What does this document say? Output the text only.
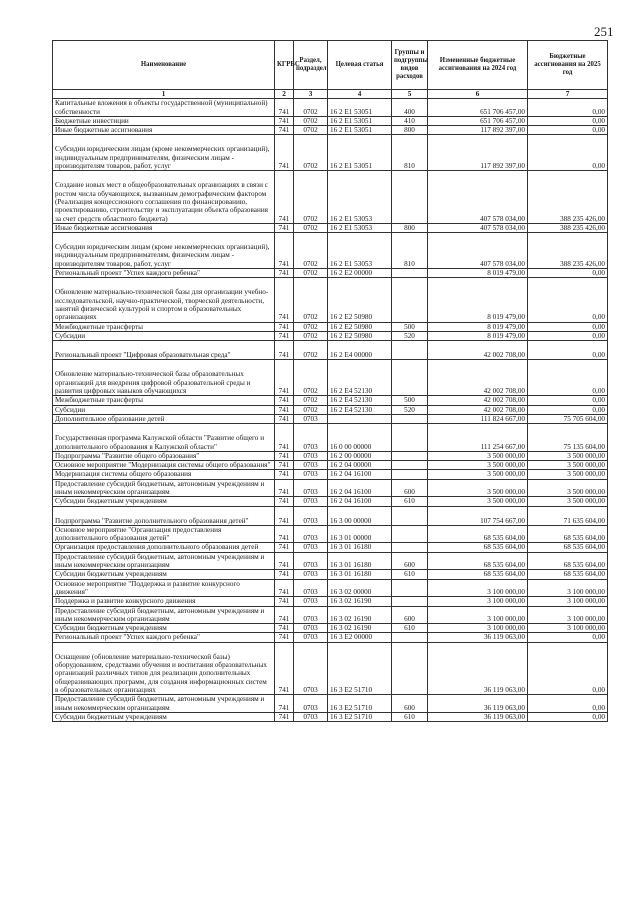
251
Наименование	КГРБС	Раздел, подраздел	Целевая статья	Группы и подгруппы видов расходов	Измененные бюджетные ассигнования на 2024 год	Бюджетные ассигнования на 2025 год
1	2	3	4	5	6	7
Капитальные вложения в объекты государственной (муниципальной) собственности	741	0702	16 2 E1 53051	400	651 706 457,00	0,00
Бюджетные инвестиции	741	0702	16 2 E1 53051	410	651 706 457,00	0,00
Иные бюджетные ассигнования	741	0702	16 2 E1 53051	800	117 892 397,00	0,00
Субсидии юридическим лицам (кроме некоммерческих организаций), индивидуальным предпринимателям, физическим лицам - производителям товаров, работ, услуг	741	0702	16 2 E1 53051	810	117 892 397,00	0,00
Создание новых мест в общеобразовательных организациях в связи с ростом числа обучающихся, вызванным демографическим фактором (Реализация концессионного соглашения по финансированию, проектированию, строительству и эксплуатации объекта образования за счет средств областного бюджета)	741	0702	16 2 E1 53053		407 578 034,00	388 235 426,00
Иные бюджетные ассигнования	741	0702	16 2 E1 53053	800	407 578 034,00	388 235 426,00
Субсидии юридическим лицам (кроме некоммерческих организаций), индивидуальным предпринимателям, физическим лицам - производителям товаров, работ, услуг	741	0702	16 2 E1 53053	810	407 578 034,00	388 235 426,00
Региональный проект "Успех каждого ребенка"	741	0702	16 2 E2 00000		8 019 479,00	0,00
Обновление материально-технической базы для организации учебно-исследовательской, научно-практической, творческой деятельности, занятий физической культурой и спортом в образовательных организациях	741	0702	16 2 E2 50980		8 019 479,00	0,00
Межбюджетные трансферты	741	0702	16 2 E2 50980	500	8 019 479,00	0,00
Субсидии	741	0702	16 2 E2 50980	520	8 019 479,00	0,00
Региональный проект "Цифровая образовательная среда"	741	0702	16 2 E4 00000		42 002 708,00	0,00
Обновление материально-технической базы образовательных организаций для внедрения цифровой образовательной среды и развития цифровых навыков обучающихся	741	0702	16 2 E4 52130		42 002 708,00	0,00
Межбюджетные трансферты	741	0702	16 2 E4 52130	500	42 002 708,00	0,00
Субсидии	741	0702	16 2 E4 52130	520	42 002 708,00	0,00
Дополнительное образование детей	741	0703			111 824 667,00	75 705 604,00
Государственная программа Калужской области "Развитие общего и дополнительного образования в Калужской области"	741	0703	16 0 00 00000		111 254 667,00	75 135 604,00
Подпрограмма "Развитие общего образования"	741	0703	16 2 00 00000		3 500 000,00	3 500 000,00
Основное мероприятие "Модернизация системы общего образования"	741	0703	16 2 04 00000		3 500 000,00	3 500 000,00
Модернизация системы общего образования	741	0703	16 2 04 16100		3 500 000,00	3 500 000,00
Предоставление субсидий бюджетным, автономным учреждениям и иным некоммерческим организациям	741	0703	16 2 04 16100	600	3 500 000,00	3 500 000,00
Субсидии бюджетным учреждениям	741	0703	16 2 04 16100	610	3 500 000,00	3 500 000,00
Подпрограмма "Развитие дополнительного образования детей"	741	0703	16 3 00 00000		107 754 667,00	71 635 604,00
Основное мероприятие "Организация предоставления дополнительного образования детей"	741	0703	16 3 01 00000		68 535 604,00	68 535 604,00
Организация предоставления дополнительного образования детей	741	0703	16 3 01 16180		68 535 604,00	68 535 604,00
Предоставление субсидий бюджетным, автономным учреждениям и иным некоммерческим организациям	741	0703	16 3 01 16180	600	68 535 604,00	68 535 604,00
Субсидии бюджетным учреждениям	741	0703	16 3 01 16180	610	68 535 604,00	68 535 604,00
Основное мероприятие "Поддержка и развитие конкурсного движения"	741	0703	16 3 02 00000		3 100 000,00	3 100 000,00
Поддержка и развитие конкурсного движения	741	0703	16 3 02 16190		3 100 000,00	3 100 000,00
Предоставление субсидий бюджетным, автономным учреждениям и иным некоммерческим организациям	741	0703	16 3 02 16190	600	3 100 000,00	3 100 000,00
Субсидии бюджетным учреждениям	741	0703	16 3 02 16190	610	3 100 000,00	3 100 000,00
Региональный проект "Успех каждого ребенка"	741	0703	16 3 E2 00000		36 119 063,00	0,00
Оснащение (обновление материально-технической базы) оборудованием, средствами обучения и воспитания образовательных организаций различных типов для реализации дополнительных общеразвивающих программ, для создания информационных систем в образовательных организациях	741	0703	16 3 E2 51710		36 119 063,00	0,00
Предоставление субсидий бюджетным, автономным учреждениям и иным некоммерческим организациям	741	0703	16 3 E2 51710	600	36 119 063,00	0,00
Субсидии бюджетным учреждениям	741	0703	16 3 E2 51710	610	36 119 063,00	0,00
